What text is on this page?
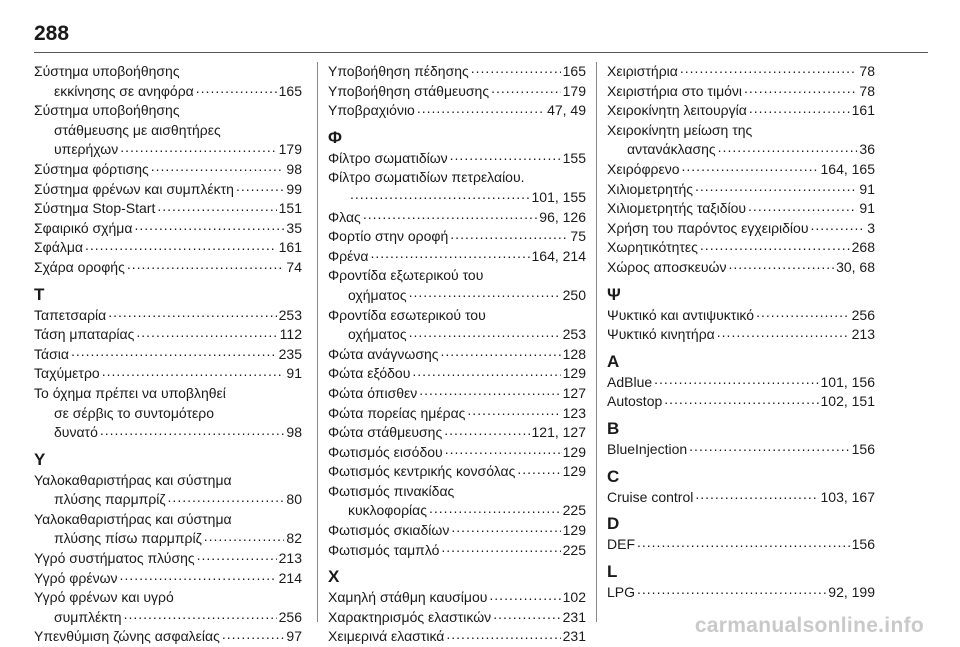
288
Σύστημα υποβοήθησης
εκκίνησης σε ανηφόρα .....	165
Σύστημα υποβοήθησης
στάθμευσης με αισθητήρες
υπερήχων .....	179
Σύστημα φόρτισης .....	98
Σύστημα φρένων και συμπλέκτη .....	99
Σύστημα Stop-Start .....	151
Σφαιρικό σχήμα .....	35
Σφάλμα .....	161
Σχάρα οροφής .....	74
Τ
Ταπετσαρία .....	253
Τάση μπαταρίας .....	112
Τάσια .....	235
Ταχύμετρο .....	91
Το όχημα πρέπει να υποβληθεί
σε σέρβις το συντομότερο
δυνατό .....	98
Υ
Υαλοκαθαριστήρας και σύστημα
πλύσης παρμπρίζ .....	80
Υαλοκαθαριστήρας και σύστημα
πλύσης πίσω παρμπρίζ .....	82
Υγρό συστήματος πλύσης .....	213
Υγρό φρένων .....	214
Υγρό φρένων και υγρό
συμπλέκτη .....	256
Υπενθύμιση ζώνης ασφαλείας .....	97
Υποβοήθηση πέδησης .....	165
Υποβοήθηση στάθμευσης .....	179
Υποβραχιόνιο .....	47, 49
Φ
Φίλτρο σωματιδίων .....	155
Φίλτρο σωματιδίων πετρελαίου.
.....
101, 155
Φλας .....	96, 126
Φορτίο στην οροφή .....	75
Φρένα .....	164, 214
Φροντίδα εξωτερικού του
οχήματος .....	250
Φροντίδα εσωτερικού του
οχήματος .....	253
Φώτα ανάγνωσης .....	128
Φώτα εξόδου .....	129
Φώτα όπισθεν .....	127
Φώτα πορείας ημέρας .....	123
Φώτα στάθμευσης .....	121, 127
Φωτισμός εισόδου .....	129
Φωτισμός κεντρικής κονσόλας .....	129
Φωτισμός πινακίδας
κυκλοφορίας .....	225
Φωτισμός σκιαδίων .....	129
Φωτισμός ταμπλό .....	225
Χ
Χαμηλή στάθμη καυσίμου .....	102
Χαρακτηρισμός ελαστικών .....	231
Χειμερινά ελαστικά .....	231
Χειριστήρια .....	78
Χειριστήρια στο τιμόνι .....	78
Χειροκίνητη λειτουργία .....	161
Χειροκίνητη μείωση της
αντανάκλασης .....	36
Χειρόφρενο .....	164, 165
Χιλιομετρητής .....	91
Χιλιομετρητής ταξιδίου .....	91
Χρήση του παρόντος εγχειριδίου .....	3
Χωρητικότητες .....	268
Χώρος αποσκευών .....	30, 68
Ψ
Ψυκτικό και αντιψυκτικό .....	256
Ψυκτικό κινητήρα .....	213
A
AdBlue .....	101, 156
Autostop .....	102, 151
B
BlueInjection .....	156
C
Cruise control .....	103, 167
D
DEF .....	156
L
LPG .....	92, 199
carmanualsonline.info
